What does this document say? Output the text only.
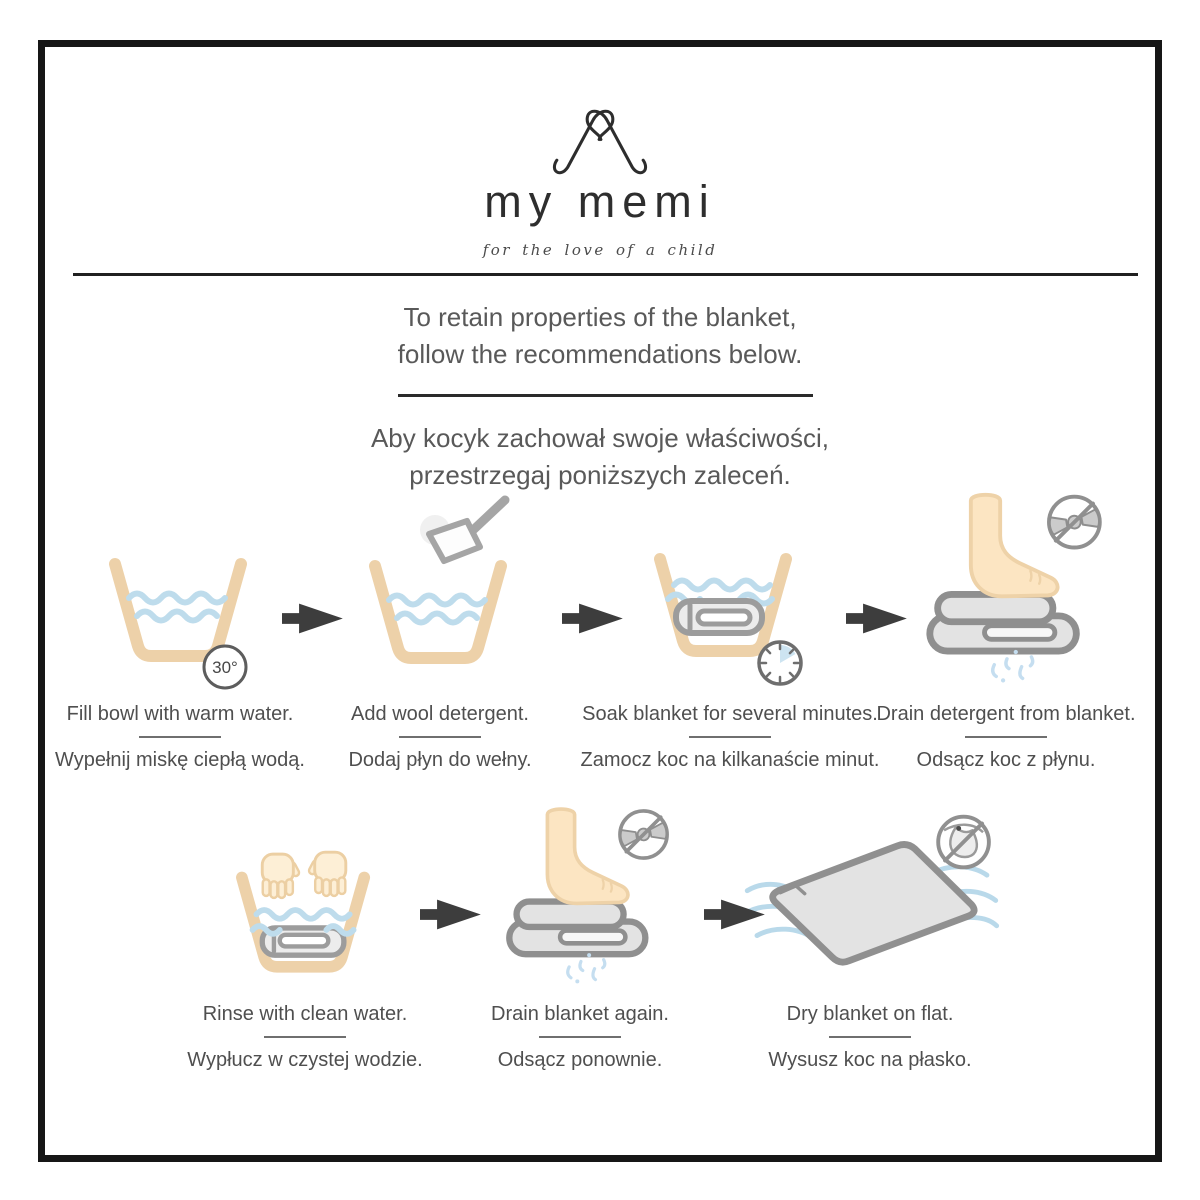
my memi
for the love of a child
To retain properties of the blanket,
follow the recommendations below.
Aby kocyk zachował swoje właściwości,
przestrzegaj poniższych zaleceń.
30°
Fill bowl with warm water.
Wypełnij miskę ciepłą wodą.
Add wool detergent.
Dodaj płyn do wełny.
Soak blanket for several minutes.
Zamocz koc na kilkanaście minut.
Drain detergent from blanket.
Odsącz koc z płynu.
Rinse with clean water.
Wypłucz w czystej wodzie.
Drain blanket again.
Odsącz ponownie.
Dry blanket on flat.
Wysusz koc na płasko.
